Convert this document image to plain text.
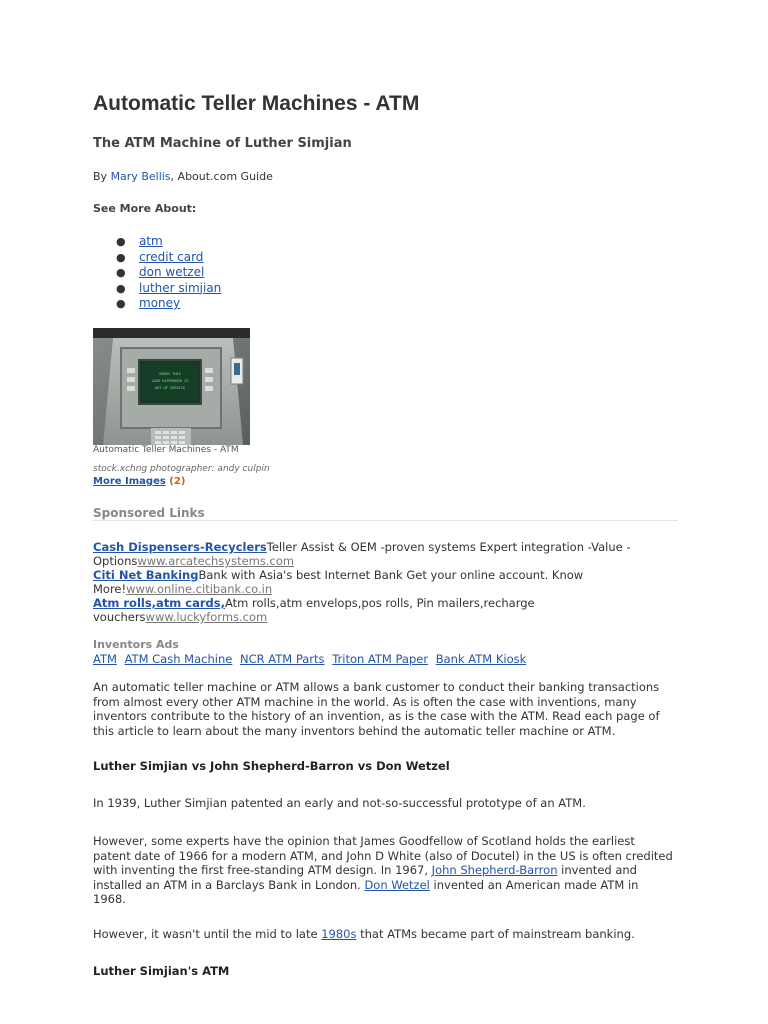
Automatic Teller Machines - ATM
The ATM Machine of Luther Simjian
By Mary Bellis, About.com Guide
See More About:
● atm
● credit card
● don wetzel
● luther simjian
● money
SORRY THIS
CASH DISPENSER IS
OUT OF SERVICE
Automatic Teller Machines - ATM
stock.xchng photographer: andy culpin
More Images (2)
Sponsored Links
Cash Dispensers-RecyclersTeller Assist & OEM -proven systems Expert integration -Value -Optionswww.arcatechsystems.com
Citi Net BankingBank with Asia's best Internet Bank Get your online account. Know More!www.online.citibank.co.in
Atm rolls,atm cards,Atm rolls,atm envelops,pos rolls, Pin mailers,recharge voucherswww.luckyforms.com
Inventors Ads
ATM ATM Cash Machine NCR ATM Parts Triton ATM Paper Bank ATM Kiosk
An automatic teller machine or ATM allows a bank customer to conduct their banking transactions from almost every other ATM machine in the world. As is often the case with inventions, many inventors contribute to the history of an invention, as is the case with the ATM. Read each page of this article to learn about the many inventors behind the automatic teller machine or ATM.
Luther Simjian vs John Shepherd-Barron vs Don Wetzel
In 1939, Luther Simjian patented an early and not-so-successful prototype of an ATM.
However, some experts have the opinion that James Goodfellow of Scotland holds the earliest patent date of 1966 for a modern ATM, and John D White (also of Docutel) in the US is often credited with inventing the first free-standing ATM design. In 1967, John Shepherd-Barron invented and installed an ATM in a Barclays Bank in London. Don Wetzel invented an American made ATM in 1968.
However, it wasn't until the mid to late 1980s that ATMs became part of mainstream banking.
Luther Simjian's ATM
